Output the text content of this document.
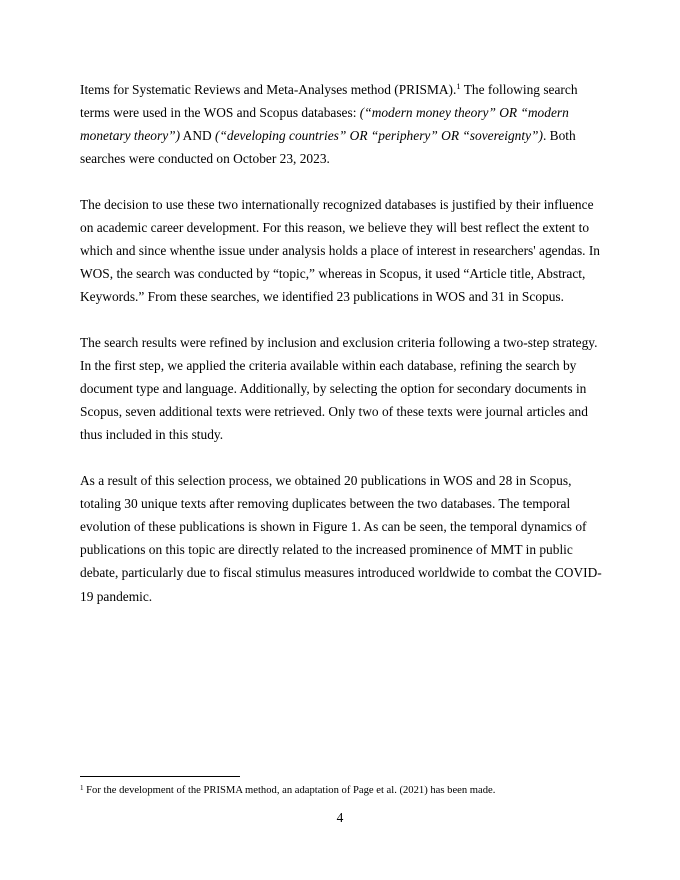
Items for Systematic Reviews and Meta-Analyses method (PRISMA).$^1$ The following search
terms were used in the WOS and Scopus databases: (“modern money theory” OR “modern
monetary theory”) AND (“developing countries” OR “periphery” OR “sovereignty”). Both
searches were conducted on October 23, 2023.

The decision to use these two internationally recognized databases is justified by their influence
on academic career development. For this reason, we believe they will best reflect the extent to
which and since whenthe issue under analysis holds a place of interest in researchers' agendas. In
WOS, the search was conducted by “topic,” whereas in Scopus, it used “Article title, Abstract,
Keywords.” From these searches, we identified 23 publications in WOS and 31 in Scopus.

The search results were refined by inclusion and exclusion criteria following a two-step strategy.
In the first step, we applied the criteria available within each database, refining the search by
document type and language. Additionally, by selecting the option for secondary documents in
Scopus, seven additional texts were retrieved. Only two of these texts were journal articles and
thus included in this study.

As a result of this selection process, we obtained 20 publications in WOS and 28 in Scopus,
totaling 30 unique texts after removing duplicates between the two databases. The temporal
evolution of these publications is shown in Figure 1. As can be seen, the temporal dynamics of
publications on this topic are directly related to the increased prominence of MMT in public
debate, particularly due to fiscal stimulus measures introduced worldwide to combat the COVID-
19 pandemic.

$^1$ For the development of the PRISMA method, an adaptation of Page et al. (2021) has been made.
4
